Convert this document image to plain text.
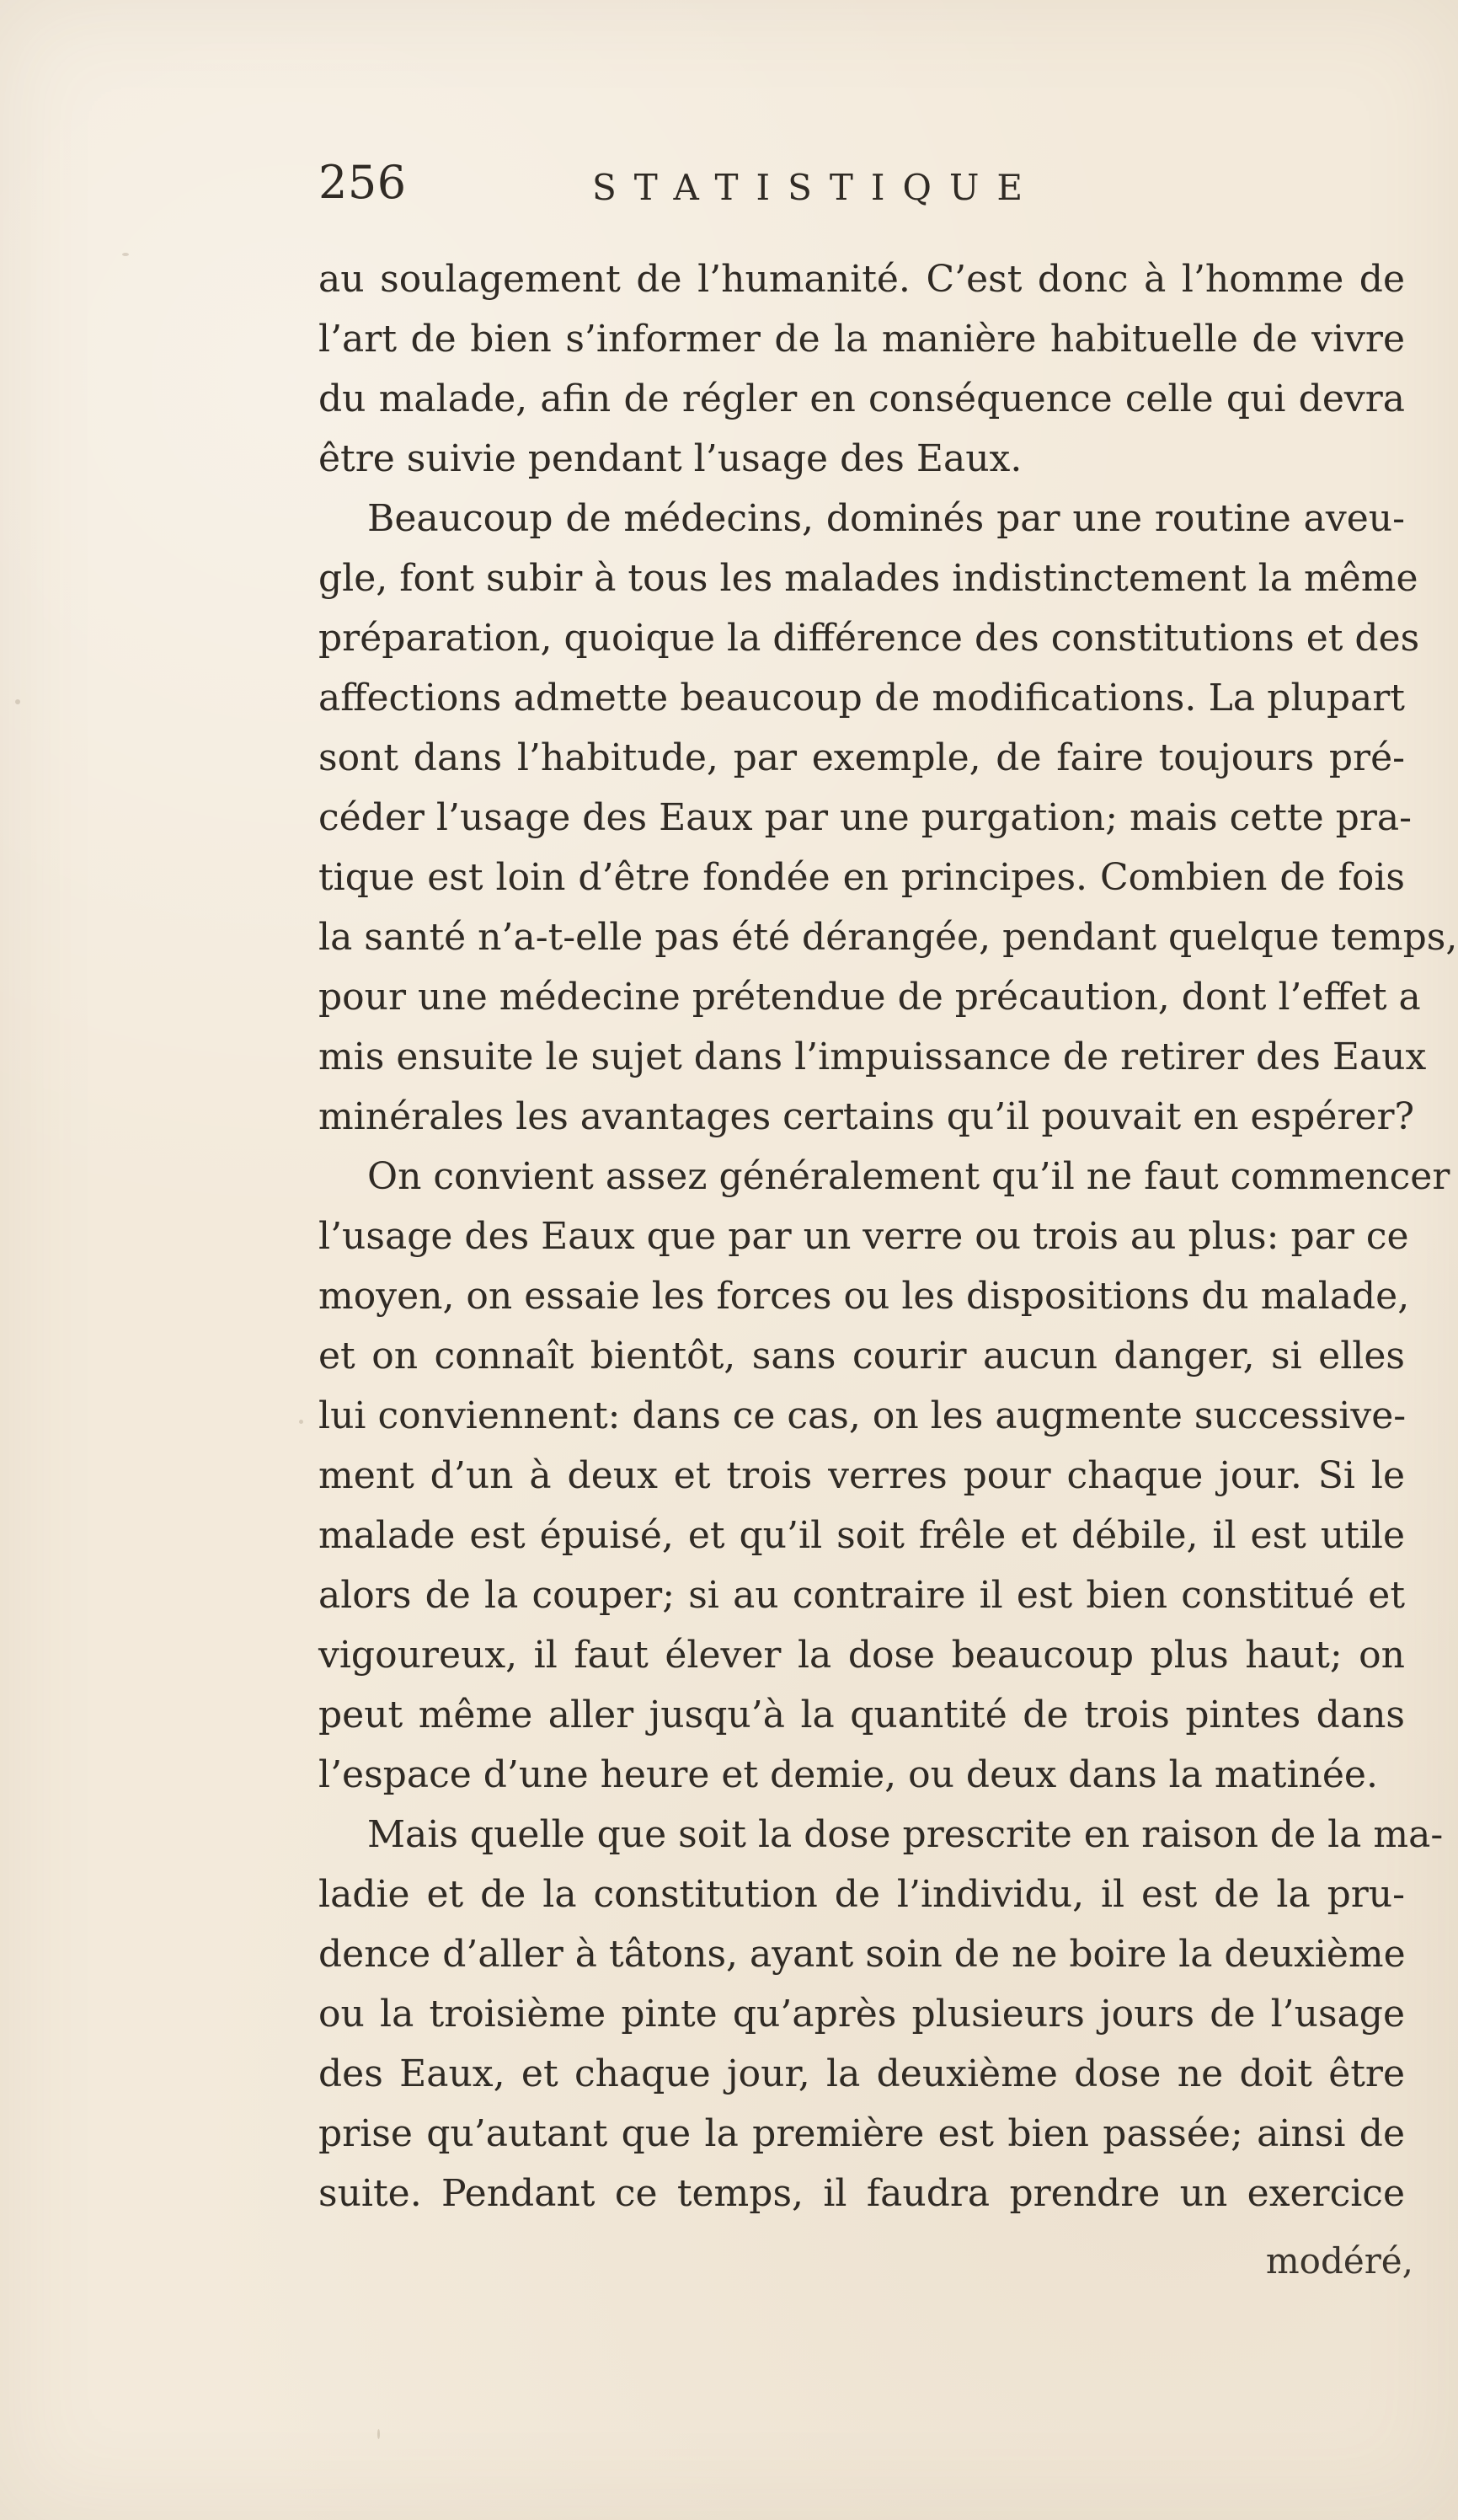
256	STATISTIQUE
au soulagement de l’humanité. C’est donc à l’homme de
l’art de bien s’informer de la manière habituelle de vivre
du malade, afin de régler en conséquence celle qui devra
être suivie pendant l’usage des Eaux.
Beaucoup de médecins, dominés par une routine aveu-
gle, font subir à tous les malades indistinctement la même
préparation, quoique la différence des constitutions et des
affections admette beaucoup de modifications. La plupart
sont dans l’habitude, par exemple, de faire toujours pré-
céder l’usage des Eaux par une purgation; mais cette pra-
tique est loin d’être fondée en principes. Combien de fois
la santé n’a-t-elle pas été dérangée, pendant quelque temps,
pour une médecine prétendue de précaution, dont l’effet a
mis ensuite le sujet dans l’impuissance de retirer des Eaux
minérales les avantages certains qu’il pouvait en espérer?
On convient assez généralement qu’il ne faut commencer
l’usage des Eaux que par un verre ou trois au plus: par ce
moyen, on essaie les forces ou les dispositions du malade,
et on connaît bientôt, sans courir aucun danger, si elles
lui conviennent: dans ce cas, on les augmente successive-
ment d’un à deux et trois verres pour chaque jour. Si le
malade est épuisé, et qu’il soit frêle et débile, il est utile
alors de la couper; si au contraire il est bien constitué et
vigoureux, il faut élever la dose beaucoup plus haut; on
peut même aller jusqu’à la quantité de trois pintes dans
l’espace d’une heure et demie, ou deux dans la matinée.
Mais quelle que soit la dose prescrite en raison de la ma-
ladie et de la constitution de l’individu, il est de la pru-
dence d’aller à tâtons, ayant soin de ne boire la deuxième
ou la troisième pinte qu’après plusieurs jours de l’usage
des Eaux, et chaque jour, la deuxième dose ne doit être
prise qu’autant que la première est bien passée; ainsi de
suite. Pendant ce temps, il faudra prendre un exercice
modéré,
